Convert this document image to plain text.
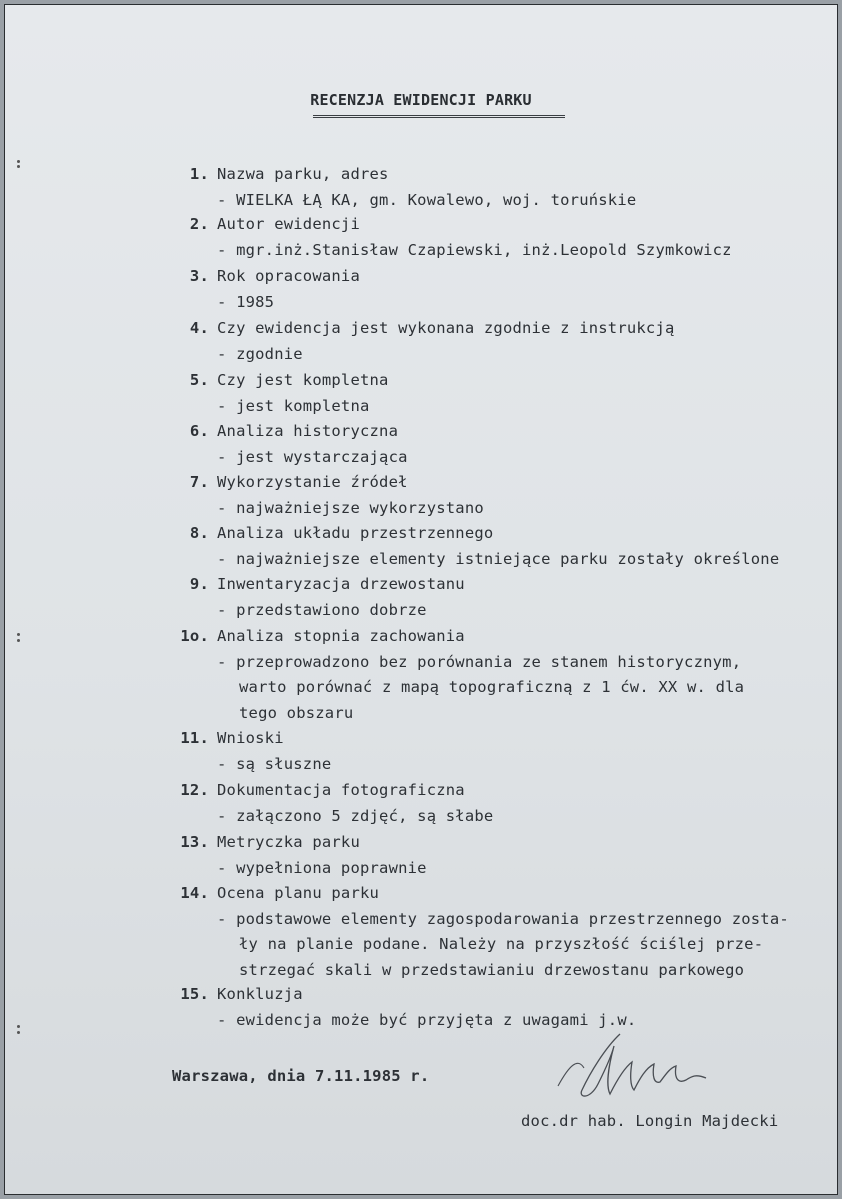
RECENZJA EWIDENCJI PARKU
1. Nazwa parku, adres
- WIELKA ŁĄ KA, gm. Kowalewo, woj. toruńskie
2. Autor ewidencji
- mgr.inż.Stanisław Czapiewski, inż.Leopold Szymkowicz
3. Rok opracowania
- 1985
4. Czy ewidencja jest wykonana zgodnie z instrukcją
- zgodnie
5. Czy jest kompletna
- jest kompletna
6. Analiza historyczna
- jest wystarczająca
7. Wykorzystanie źródeł
- najważniejsze wykorzystano
8. Analiza układu przestrzennego
- najważniejsze elementy istniejące parku zostały określone
9. Inwentaryzacja drzewostanu
- przedstawiono dobrze
1o. Analiza stopnia zachowania
- przeprowadzono bez porównania ze stanem historycznym,
warto porównać z mapą topograficzną z 1 ćw. XX w. dla
tego obszaru
11. Wnioski
- są słuszne
12. Dokumentacja fotograficzna
- załączono 5 zdjęć, są słabe
13. Metryczka parku
- wypełniona poprawnie
14. Ocena planu parku
- podstawowe elementy zagospodarowania przestrzennego zosta-
ły na planie podane. Należy na przyszłość ściślej prze-
strzegać skali w przedstawianiu drzewostanu parkowego
15. Konkluzja
- ewidencja może być przyjęta z uwagami j.w.
Warszawa, dnia 7.11.1985 r.
doc.dr hab. Longin Majdecki
